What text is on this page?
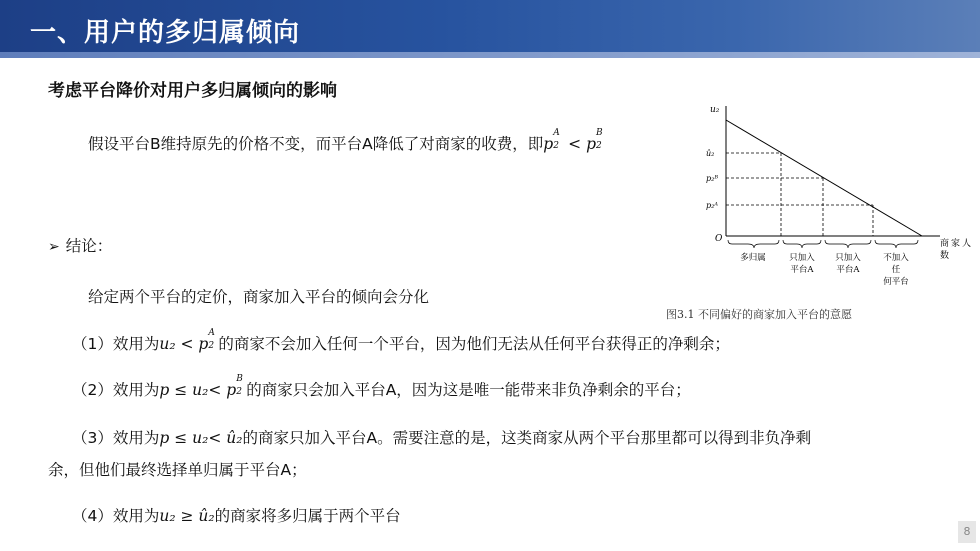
一、用户的多归属倾向
考虑平台降价对用户多归属倾向的影响
假设平台B维持原先的价格不变，而平台A降低了对商家的收费，即p
A
2 < p
B
2
➢ 结论：
给定两个平台的定价，商家加入平台的倾向会分化
（1）效用为u₂ < p
A
2 的商家不会加入任何一个平台，因为他们无法从任何平台获得正的净剩余；
（2）效用为p ≤ u₂< p
B
2 的商家只会加入平台A，因为这是唯一能带来非负净剩余的平台；
（3）效用为p ≤ u₂< û₂的商家只加入平台A。需要注意的是，这类商家从两个平台那里都可以得到非负净剩
余，但他们最终选择单归属于平台A；
（4）效用为u₂ ≥ û₂的商家将多归属于两个平台
u₂
û₂
p₂ᴮ
p₂ᴬ
O	商家人
数
多归属	只加入
平台A
只加入
平台A
不加入
任
何平台
图3.1 不同偏好的商家加入平台的意愿
8
